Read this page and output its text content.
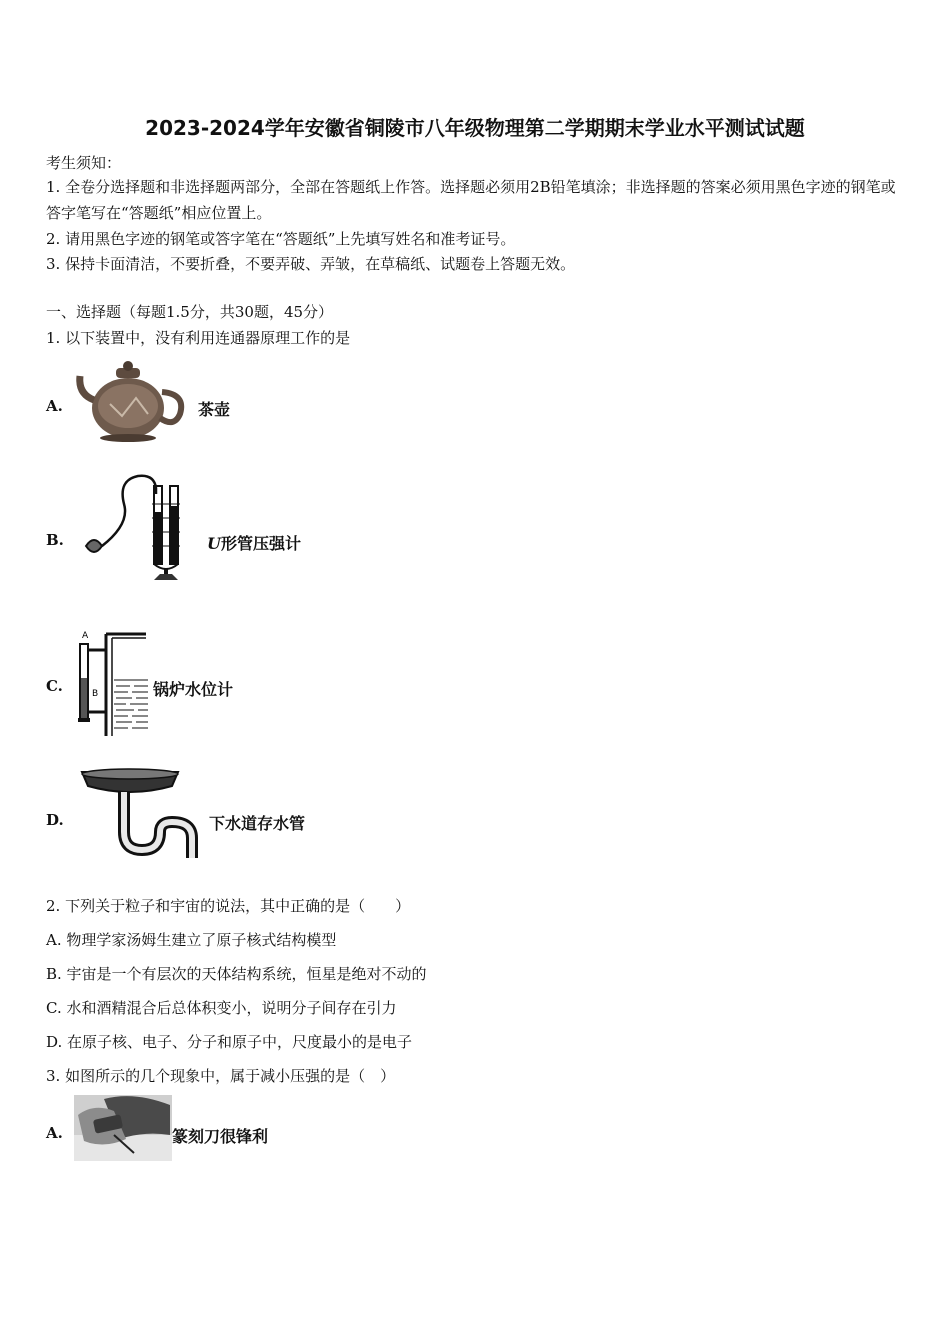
2023-2024学年安徽省铜陵市八年级物理第二学期期末学业水平测试试题
考生须知：
1. 全卷分选择题和非选择题两部分，全部在答题纸上作答。选择题必须用2B铅笔填涂；非选择题的答案必须用黑色字迹的钢笔或答字笔写在“答题纸”相应位置上。
2. 请用黑色字迹的钢笔或答字笔在“答题纸”上先填写姓名和准考证号。
3. 保持卡面清洁，不要折叠，不要弄破、弄皱，在草稿纸、试题卷上答题无效。
一、选择题（每题1.5分，共30题，45分）
1. 以下装置中，没有利用连通器原理工作的是
A.	茶壶
B.	U形管压强计
C.
A
B	锅炉水位计
D.	下水道存水管
2. 下列关于粒子和宇宙的说法，其中正确的是（　　）
A. 物理学家汤姆生建立了原子核式结构模型
B. 宇宙是一个有层次的天体结构系统，恒星是绝对不动的
C. 水和酒精混合后总体积变小，说明分子间存在引力
D. 在原子核、电子、分子和原子中，尺度最小的是电子
3. 如图所示的几个现象中，属于减小压强的是（　）
A.	篆刻刀很锋利
